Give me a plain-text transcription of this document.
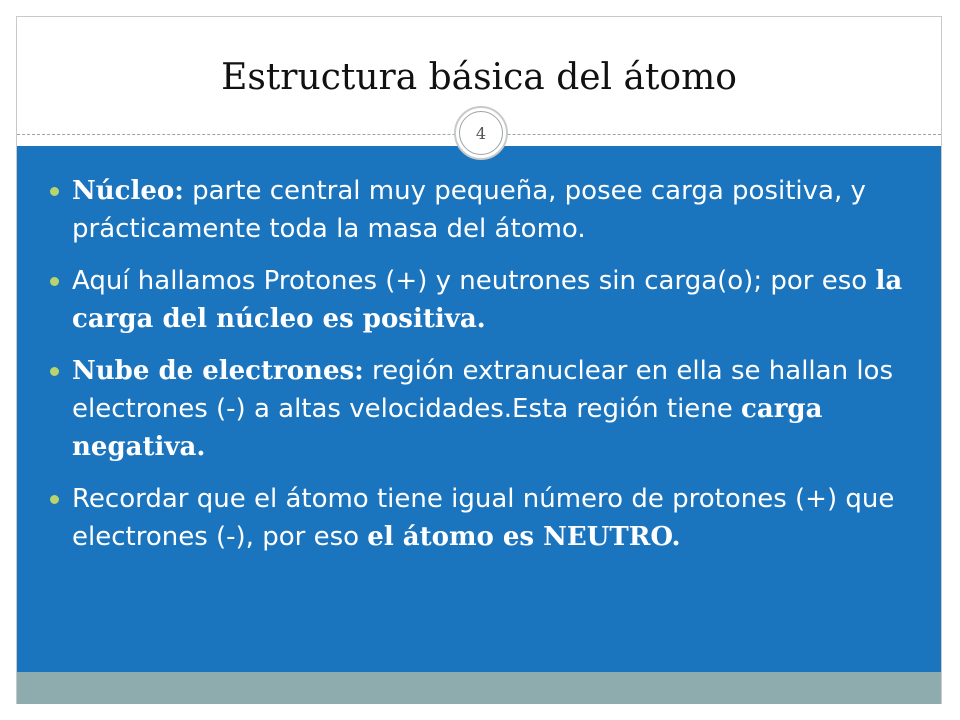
Estructura básica del átomo
4
Núcleo: parte central muy pequeña, posee carga positiva, y prácticamente toda la masa del átomo.
Aquí hallamos Protones (+) y neutrones sin carga(o); por eso la carga del núcleo es positiva.
Nube de electrones: región extranuclear en ella se hallan los electrones (-) a altas velocidades.Esta región tiene carga negativa.
Recordar que el átomo tiene igual número de protones (+) que electrones (-), por eso el átomo es NEUTRO.
